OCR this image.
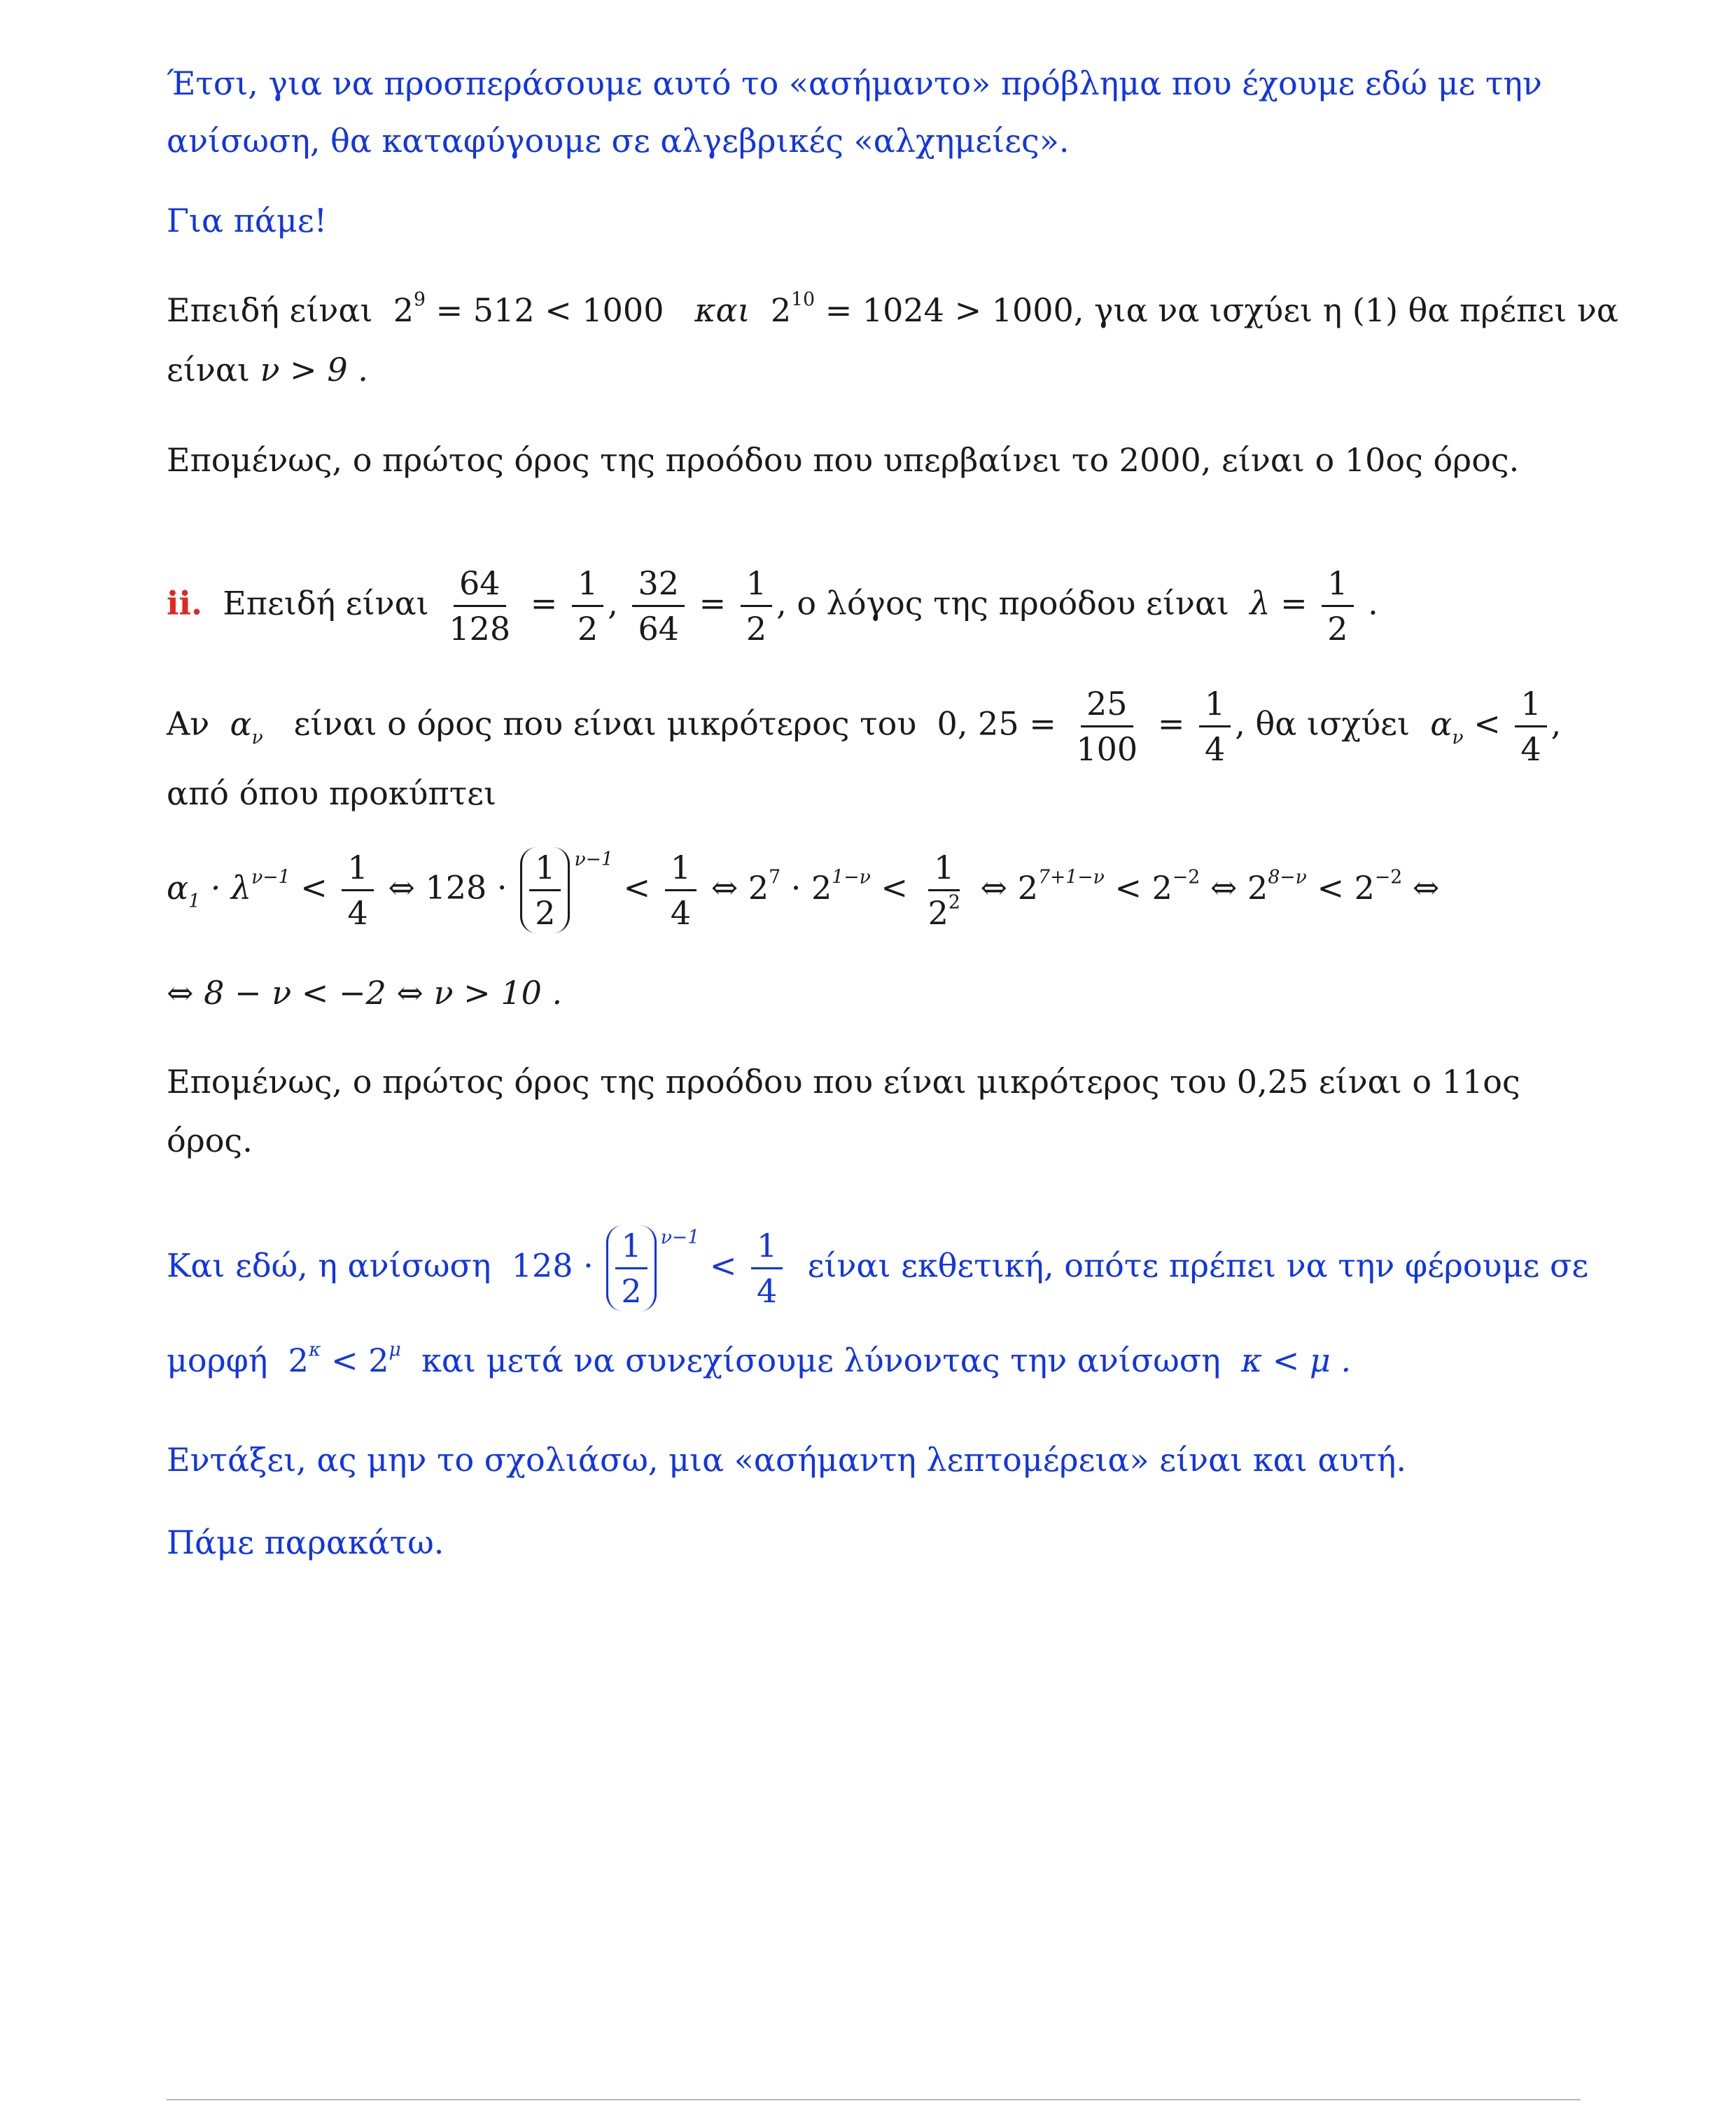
Έτσι, για να προσπεράσουμε αυτό το «ασήμαντο» πρόβλημα που έχουμε εδώ με την
ανίσωση, θα καταφύγουμε σε αλγεβρικές «αλχημείες».
Για πάμε!
Επειδή είναι $2^9 = 512 < 1000$ και $2^{10} = 1024 > 1000$, για να ισχύει η (1) θα πρέπει να
είναι ν > 9 .
Επομένως, ο πρώτος όρος της προόδου που υπερβαίνει το 2000, είναι ο 10ος όρος.
ii. Επειδή είναι $\frac{64}{128} = \frac{1}{2}$ , $\frac{32}{64} = \frac{1}{2}$ , ο λόγος της προόδου είναι $\lambda = \frac{1}{2}$ .
Αν $\alpha_\nu$ είναι ο όρος που είναι μικρότερος του 0, $25 = \frac{25}{100} = \frac{1}{4}$ , θα ισχύει $\alpha_\nu < \frac{1}{4}$ ,
από όπου προκύπτει
$\alpha_1 \cdot \lambda^{\nu-1} < \frac{1}{4}$ ⇔ $128 \cdot \frac{1}{2} \nu-1 < \frac{1}{4}$ ⇔ $2^7 \cdot 2^{1-\nu} < \frac{1}{2^2}$ ⇔ $2^{7+1-\nu} < 2^{-2}$ ⇔ $2^{8-\nu} < 2^{-2}$ ⇔
⇔ 8 − ν < −2 ⇔ ν > 10 .
Επομένως, ο πρώτος όρος της προόδου που είναι μικρότερος του 0,25 είναι ο 11ος
όρος.
Και εδώ, η ανίσωση $128 \cdot \frac{1}{2} \nu-1 < \frac{1}{4}$ είναι εκθετική, οπότε πρέπει να την φέρουμε σε
μορφή $2^\kappa < 2^\mu$ και μετά να συνεχίσουμε λύνοντας την ανίσωση κ < μ .
Εντάξει, ας μην το σχολιάσω, μια «ασήμαντη λεπτομέρεια» είναι και αυτή.
Πάμε παρακάτω.
